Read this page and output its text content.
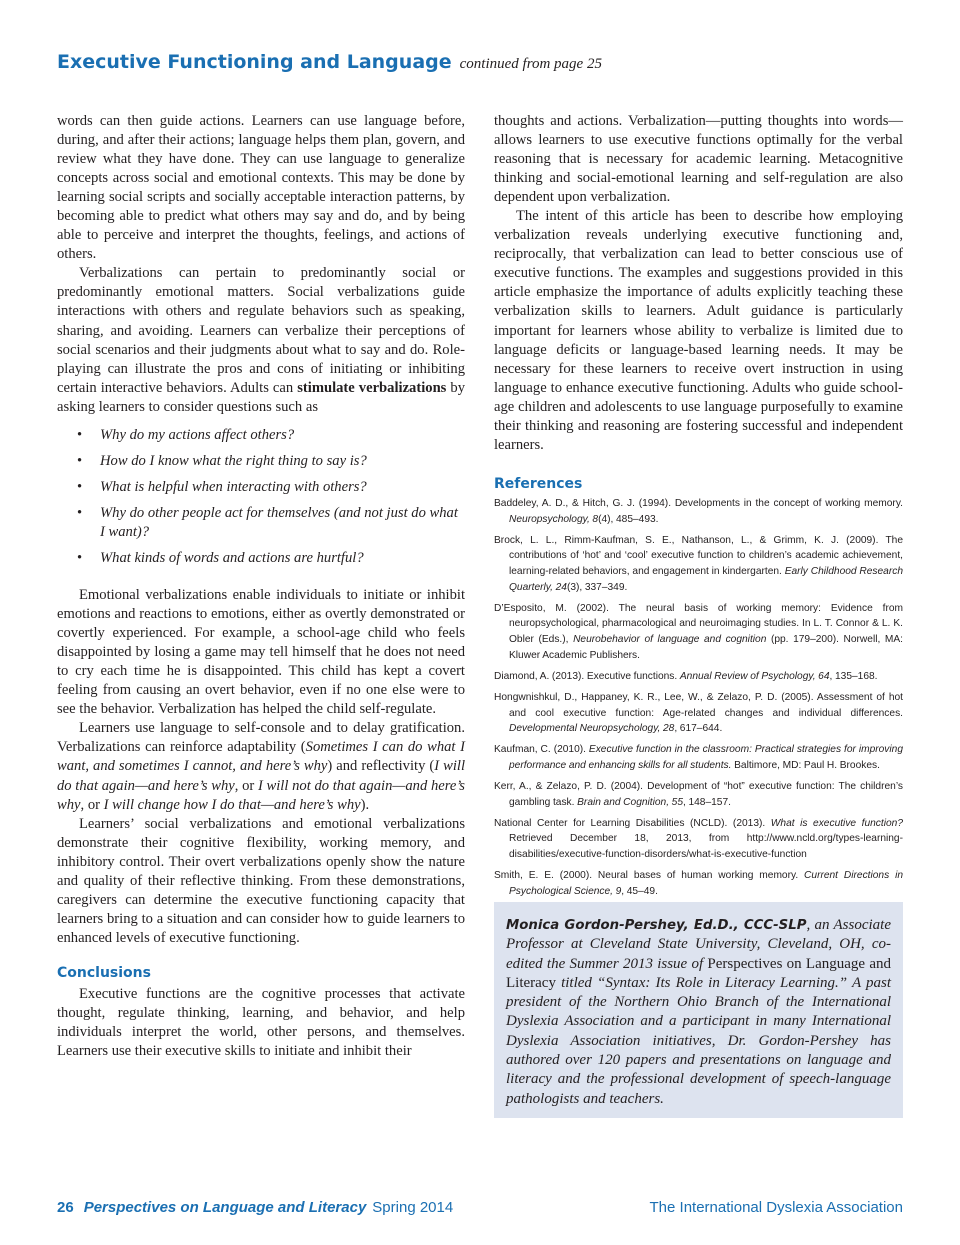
Executive Functioning and Language continued from page 25

words can then guide actions. Learners can use language before, during, and after their actions; language helps them plan, govern, and review what they have done. They can use language to generalize concepts across social and emotional contexts. This may be done by learning social scripts and socially acceptable interaction patterns, by becoming able to predict what others may say and do, and by being able to perceive and interpret the thoughts, feelings, and actions of others.

Verbalizations can pertain to predominantly social or predominantly emotional matters. Social verbalizations guide interactions with others and regulate behaviors such as speaking, sharing, and avoiding. Learners can verbalize their perceptions of social scenarios and their judgments about what to say and do. Role-playing can illustrate the pros and cons of initiating or inhibiting certain interactive behaviors. Adults can stimulate verbalizations by asking learners to consider questions such as

• Why do my actions affect others?
• How do I know what the right thing to say is?
• What is helpful when interacting with others?
• Why do other people act for themselves (and not just do what I want)?
• What kinds of words and actions are hurtful?

Emotional verbalizations enable individuals to initiate or inhibit emotions and reactions to emotions, either as overtly demonstrated or covertly experienced. For example, a school-age child who feels disappointed by losing a game may tell himself that he does not need to cry each time he is disappointed. This child has kept a covert feeling from causing an overt behavior, even if no one else were to see the behavior. Verbalization has helped the child self-regulate.

Learners use language to self-console and to delay gratification. Verbalizations can reinforce adaptability (Sometimes I can do what I want, and sometimes I cannot, and here’s why) and reflectivity (I will do that again—and here’s why, or I will not do that again—and here’s why, or I will change how I do that—and here’s why).

Learners’ social verbalizations and emotional verbalizations demonstrate their cognitive flexibility, working memory, and inhibitory control. Their overt verbalizations openly show the nature and quality of their reflective thinking. From these demonstrations, caregivers can determine the executive functioning capacity that learners bring to a situation and can consider how to guide learners to enhanced levels of executive functioning.

Conclusions

Executive functions are the cognitive processes that activate thought, regulate thinking, learning, and behavior, and help individuals interpret the world, other persons, and themselves. Learners use their executive skills to initiate and inhibit their

thoughts and actions. Verbalization—putting thoughts into words—allows learners to use executive functions optimally for the verbal reasoning that is necessary for academic learning. Metacognitive thinking and social-emotional learning and self-regulation are also dependent upon verbalization.

The intent of this article has been to describe how employing verbalization reveals underlying executive functioning and, reciprocally, that verbalization can lead to better conscious use of executive functions. The examples and suggestions provided in this article emphasize the importance of adults explicitly teaching these verbalization skills to learners. Adult guidance is particularly important for learners whose ability to verbalize is limited due to language deficits or language-based learning needs. It may be necessary for these learners to receive overt instruction in using language to enhance executive functioning. Adults who guide school-age children and adolescents to use language purposefully to examine their thinking and reasoning are fostering successful and independent learners.

References
Baddeley, A. D., & Hitch, G. J. (1994). Developments in the concept of working memory. Neuropsychology, 8(4), 485–493.
Brock, L. L., Rimm-Kaufman, S. E., Nathanson, L., & Grimm, K. J. (2009). The contributions of ‘hot’ and ‘cool’ executive function to children’s academic achievement, learning-related behaviors, and engagement in kindergarten. Early Childhood Research Quarterly, 24(3), 337–349.
D’Esposito, M. (2002). The neural basis of working memory: Evidence from neuropsychological, pharmacological and neuroimaging studies. In L. T. Connor & L. K. Obler (Eds.), Neurobehavior of language and cognition (pp. 179–200). Norwell, MA: Kluwer Academic Publishers.
Diamond, A. (2013). Executive functions. Annual Review of Psychology, 64, 135–168.
Hongwnishkul, D., Happaney, K. R., Lee, W., & Zelazo, P. D. (2005). Assessment of hot and cool executive function: Age-related changes and individual differences. Developmental Neuropsychology, 28, 617–644.
Kaufman, C. (2010). Executive function in the classroom: Practical strategies for improving performance and enhancing skills for all students. Baltimore, MD: Paul H. Brookes.
Kerr, A., & Zelazo, P. D. (2004). Development of “hot” executive function: The children’s gambling task. Brain and Cognition, 55, 148–157.
National Center for Learning Disabilities (NCLD). (2013). What is executive function? Retrieved December 18, 2013, from http://www.ncld.org/types-learning-disabilities/executive-function-disorders/what-is-executive-function
Smith, E. E. (2000). Neural bases of human working memory. Current Directions in Psychological Science, 9, 45–49.

Monica Gordon-Pershey, Ed.D., CCC-SLP, an Associate Professor at Cleveland State University, Cleveland, OH, co-edited the Summer 2013 issue of Perspectives on Language and Literacy titled “Syntax: Its Role in Literacy Learning.” A past president of the Northern Ohio Branch of the International Dyslexia Association and a participant in many International Dyslexia Association initiatives, Dr. Gordon-Pershey has authored over 120 papers and presentations on language and literacy and the professional development of speech-language pathologists and teachers.

26 Perspectives on Language and Literacy Spring 2014	The International Dyslexia Association
